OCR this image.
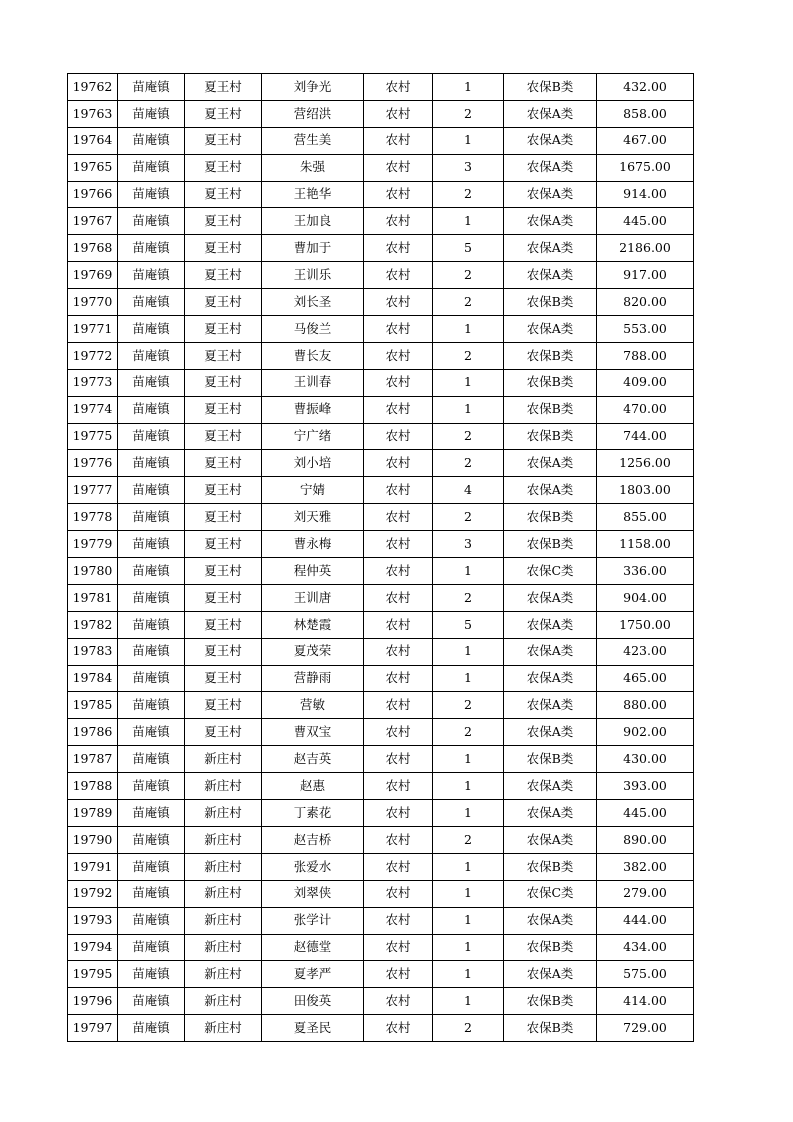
19762	苗庵镇	夏王村	刘争光	农村	1	农保B类	432.00
19763	苗庵镇	夏王村	营绍洪	农村	2	农保A类	858.00
19764	苗庵镇	夏王村	营生美	农村	1	农保A类	467.00
19765	苗庵镇	夏王村	朱强	农村	3	农保A类	1675.00
19766	苗庵镇	夏王村	王艳华	农村	2	农保A类	914.00
19767	苗庵镇	夏王村	王加良	农村	1	农保A类	445.00
19768	苗庵镇	夏王村	曹加于	农村	5	农保A类	2186.00
19769	苗庵镇	夏王村	王训乐	农村	2	农保A类	917.00
19770	苗庵镇	夏王村	刘长圣	农村	2	农保B类	820.00
19771	苗庵镇	夏王村	马俊兰	农村	1	农保A类	553.00
19772	苗庵镇	夏王村	曹长友	农村	2	农保B类	788.00
19773	苗庵镇	夏王村	王训春	农村	1	农保B类	409.00
19774	苗庵镇	夏王村	曹振峰	农村	1	农保B类	470.00
19775	苗庵镇	夏王村	宁广绪	农村	2	农保B类	744.00
19776	苗庵镇	夏王村	刘小培	农村	2	农保A类	1256.00
19777	苗庵镇	夏王村	宁婧	农村	4	农保A类	1803.00
19778	苗庵镇	夏王村	刘天雅	农村	2	农保B类	855.00
19779	苗庵镇	夏王村	曹永梅	农村	3	农保B类	1158.00
19780	苗庵镇	夏王村	程仲英	农村	1	农保C类	336.00
19781	苗庵镇	夏王村	王训唐	农村	2	农保A类	904.00
19782	苗庵镇	夏王村	林楚霞	农村	5	农保A类	1750.00
19783	苗庵镇	夏王村	夏茂荣	农村	1	农保A类	423.00
19784	苗庵镇	夏王村	营静雨	农村	1	农保A类	465.00
19785	苗庵镇	夏王村	营敏	农村	2	农保A类	880.00
19786	苗庵镇	夏王村	曹双宝	农村	2	农保A类	902.00
19787	苗庵镇	新庄村	赵吉英	农村	1	农保B类	430.00
19788	苗庵镇	新庄村	赵惠	农村	1	农保A类	393.00
19789	苗庵镇	新庄村	丁素花	农村	1	农保A类	445.00
19790	苗庵镇	新庄村	赵吉桥	农村	2	农保A类	890.00
19791	苗庵镇	新庄村	张爱水	农村	1	农保B类	382.00
19792	苗庵镇	新庄村	刘翠侠	农村	1	农保C类	279.00
19793	苗庵镇	新庄村	张学计	农村	1	农保A类	444.00
19794	苗庵镇	新庄村	赵德堂	农村	1	农保B类	434.00
19795	苗庵镇	新庄村	夏孝严	农村	1	农保A类	575.00
19796	苗庵镇	新庄村	田俊英	农村	1	农保B类	414.00
19797	苗庵镇	新庄村	夏圣民	农村	2	农保B类	729.00
